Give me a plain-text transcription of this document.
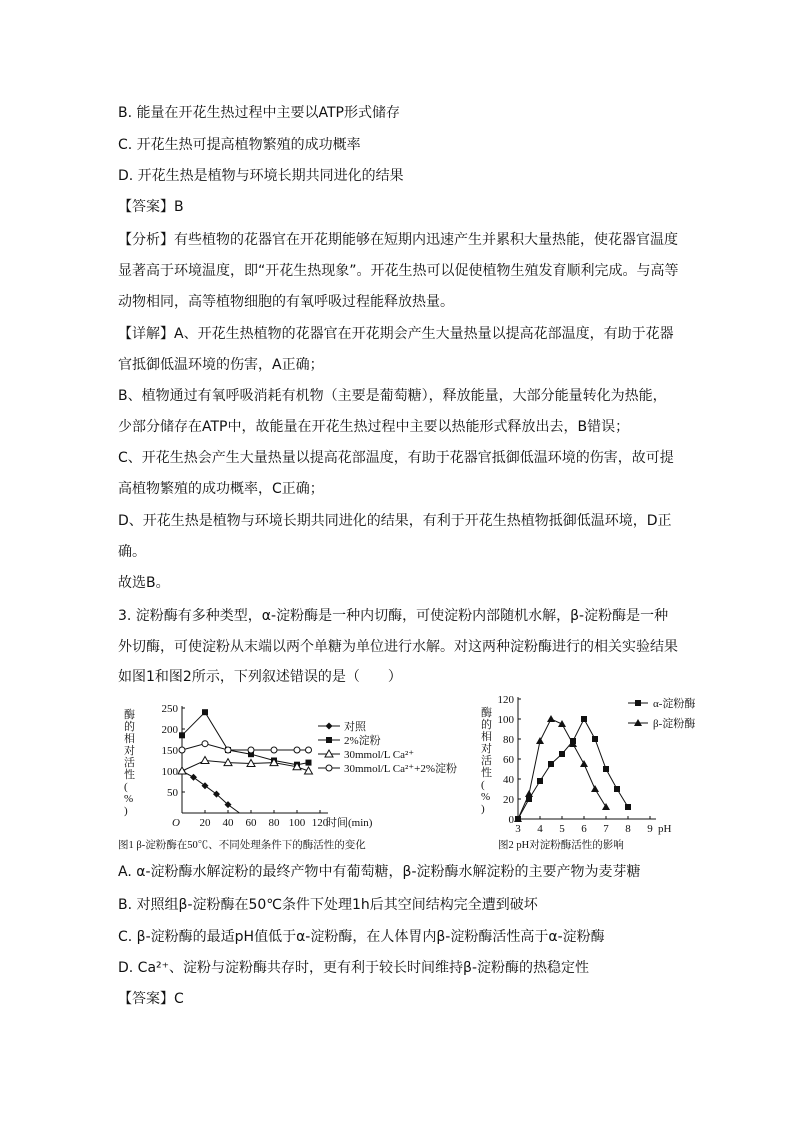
B. 能量在开花生热过程中主要以ATP形式储存
C. 开花生热可提高植物繁殖的成功概率
D. 开花生热是植物与环境长期共同进化的结果
【答案】B
【分析】有些植物的花器官在开花期能够在短期内迅速产生并累积大量热能，使花器官温度
显著高于环境温度，即“开花生热现象”。开花生热可以促使植物生殖发育顺利完成。与高等
动物相同，高等植物细胞的有氧呼吸过程能释放热量。
【详解】A、开花生热植物的花器官在开花期会产生大量热量以提高花部温度，有助于花器
官抵御低温环境的伤害，A正确；
B、植物通过有氧呼吸消耗有机物（主要是葡萄糖），释放能量，大部分能量转化为热能，
少部分储存在ATP中，故能量在开花生热过程中主要以热能形式释放出去，B错误；
C、开花生热会产生大量热量以提高花部温度，有助于花器官抵御低温环境的伤害，故可提
高植物繁殖的成功概率，C正确；
D、开花生热是植物与环境长期共同进化的结果，有利于开花生热植物抵御低温环境，D正
确。
故选B。
3. 淀粉酶有多种类型，α-淀粉酶是一种内切酶，可使淀粉内部随机水解，β-淀粉酶是一种
外切酶，可使淀粉从末端以两个单糖为单位进行水解。对这两种淀粉酶进行的相关实验结果
如图1和图2所示，下列叙述错误的是（　　）
50
100
150
200
250
20 40 60 80 100 120
O	时间(min)
酶的相对活性( % )
对照
2%淀粉
30mmol/L Ca²⁺
30mmol/L Ca²⁺+2%淀粉
图1 β-淀粉酶在50℃、不同处理条件下的酶活性的变化
0
20
40
60
80
100
120
3 4 5 6 7 8 9 pH
酶的相对活性( % )
α-淀粉酶
β-淀粉酶
图2 pH对淀粉酶活性的影响
A. α-淀粉酶水解淀粉的最终产物中有葡萄糖，β-淀粉酶水解淀粉的主要产物为麦芽糖
B. 对照组β-淀粉酶在50℃条件下处理1h后其空间结构完全遭到破坏
C. β-淀粉酶的最适pH值低于α-淀粉酶，在人体胃内β-淀粉酶活性高于α-淀粉酶
D. Ca²⁺、淀粉与淀粉酶共存时，更有利于较长时间维持β-淀粉酶的热稳定性
【答案】C
